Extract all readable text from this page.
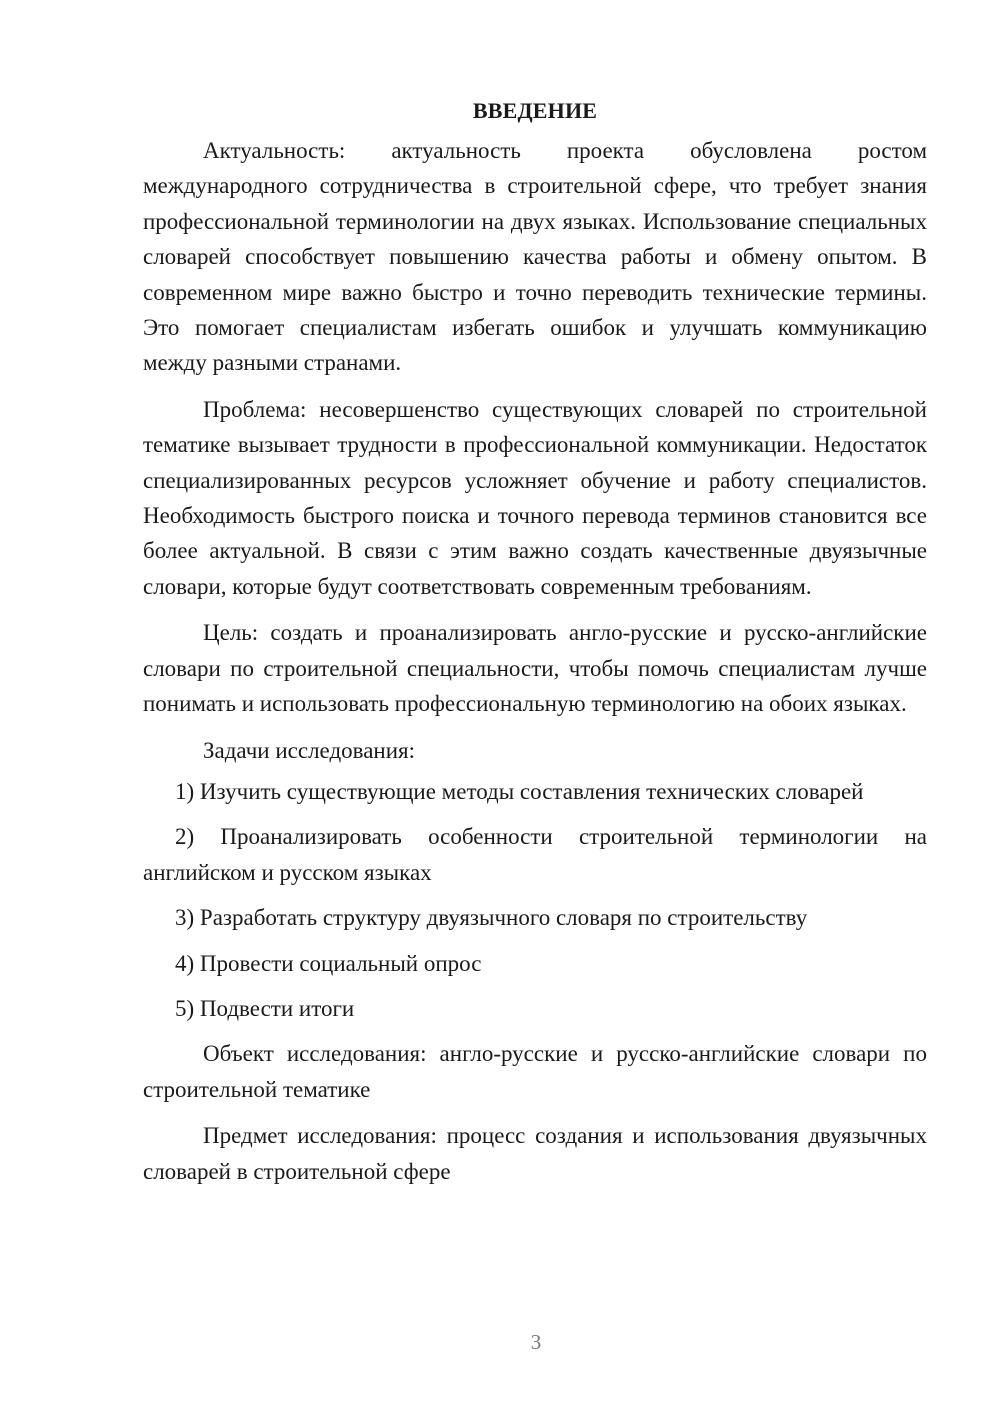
ВВЕДЕНИЕ

Актуальность: актуальность проекта обусловлена ростом международного сотрудничества в строительной сфере, что требует знания профессиональной терминологии на двух языках. Использование специальных словарей способствует повышению качества работы и обмену опытом. В современном мире важно быстро и точно переводить технические термины. Это помогает специалистам избегать ошибок и улучшать коммуникацию между разными странами.

Проблема: несовершенство существующих словарей по строительной тематике вызывает трудности в профессиональной коммуникации. Недостаток специализированных ресурсов усложняет обучение и работу специалистов. Необходимость быстрого поиска и точного перевода терминов становится все более актуальной. В связи с этим важно создать качественные двуязычные словари, которые будут соответствовать современным требованиям.

Цель: создать и проанализировать англо-русские и русско-английские словари по строительной специальности, чтобы помочь специалистам лучше понимать и использовать профессиональную терминологию на обоих языках.

Задачи исследования:

1) Изучить существующие методы составления технических словарей

2) Проанализировать особенности строительной терминологии на английском и русском языках

3) Разработать структуру двуязычного словаря по строительству

4) Провести социальный опрос

5) Подвести итоги

Объект исследования: англо-русские и русско-английские словари по строительной тематике

Предмет исследования: процесс создания и использования двуязычных словарей в строительной сфере

3
